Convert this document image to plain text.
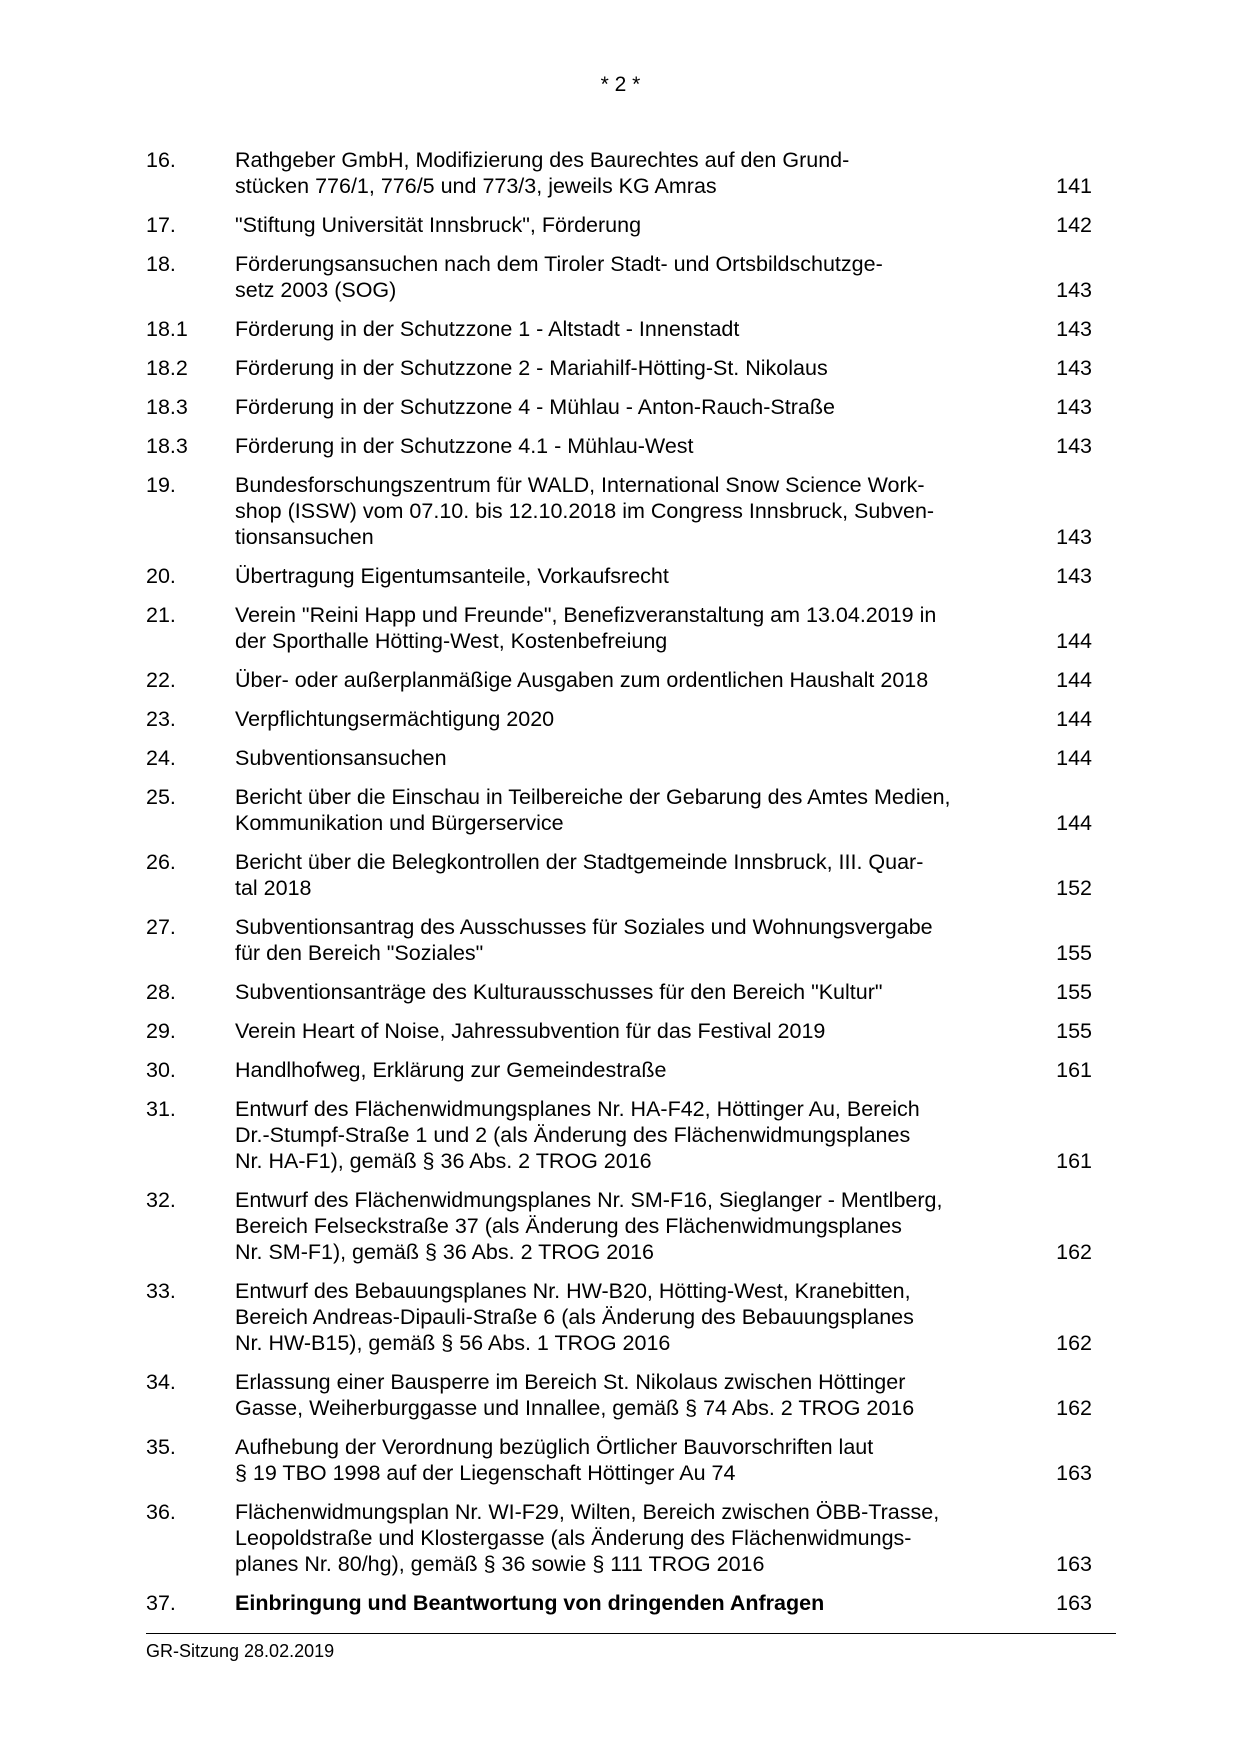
* 2 *
16.	Rathgeber GmbH, Modifizierung des Baurechtes auf den Grund-
stücken 776/1, 776/5 und 773/3, jeweils KG Amras	141
17.	"Stiftung Universität Innsbruck", Förderung	142
18.	Förderungsansuchen nach dem Tiroler Stadt- und Ortsbildschutzge-
setz 2003 (SOG)	143
18.1	Förderung in der Schutzzone 1 - Altstadt - Innenstadt	143
18.2	Förderung in der Schutzzone 2 - Mariahilf-Hötting-St. Nikolaus	143
18.3	Förderung in der Schutzzone 4 - Mühlau - Anton-Rauch-Straße	143
18.3	Förderung in der Schutzzone 4.1 - Mühlau-West	143
19.	Bundesforschungszentrum für WALD, International Snow Science Work-
shop (ISSW) vom 07.10. bis 12.10.2018 im Congress Innsbruck, Subven-
tionsansuchen	143
20.	Übertragung Eigentumsanteile, Vorkaufsrecht	143
21.	Verein "Reini Happ und Freunde", Benefizveranstaltung am 13.04.2019 in
der Sporthalle Hötting-West, Kostenbefreiung	144
22.	Über- oder außerplanmäßige Ausgaben zum ordentlichen Haushalt 2018	144
23.	Verpflichtungsermächtigung 2020	144
24.	Subventionsansuchen	144
25.	Bericht über die Einschau in Teilbereiche der Gebarung des Amtes Medien,
Kommunikation und Bürgerservice	144
26.	Bericht über die Belegkontrollen der Stadtgemeinde Innsbruck, III. Quar-
tal 2018	152
27.	Subventionsantrag des Ausschusses für Soziales und Wohnungsvergabe
für den Bereich "Soziales"	155
28.	Subventionsanträge des Kulturausschusses für den Bereich "Kultur"	155
29.	Verein Heart of Noise, Jahressubvention für das Festival 2019	155
30.	Handlhofweg, Erklärung zur Gemeindestraße	161
31.	Entwurf des Flächenwidmungsplanes Nr. HA-F42, Höttinger Au, Bereich
Dr.-Stumpf-Straße 1 und 2 (als Änderung des Flächenwidmungsplanes
Nr. HA-F1), gemäß § 36 Abs. 2 TROG 2016	161
32.	Entwurf des Flächenwidmungsplanes Nr. SM-F16, Sieglanger - Mentlberg,
Bereich Felseckstraße 37 (als Änderung des Flächenwidmungsplanes
Nr. SM-F1), gemäß § 36 Abs. 2 TROG 2016	162
33.	Entwurf des Bebauungsplanes Nr. HW-B20, Hötting-West, Kranebitten,
Bereich Andreas-Dipauli-Straße 6 (als Änderung des Bebauungsplanes
Nr. HW-B15), gemäß § 56 Abs. 1 TROG 2016	162
34.	Erlassung einer Bausperre im Bereich St. Nikolaus zwischen Höttinger
Gasse, Weiherburggasse und Innallee, gemäß § 74 Abs. 2 TROG 2016	162
35.	Aufhebung der Verordnung bezüglich Örtlicher Bauvorschriften laut
§ 19 TBO 1998 auf der Liegenschaft Höttinger Au 74	163
36.	Flächenwidmungsplan Nr. WI-F29, Wilten, Bereich zwischen ÖBB-Trasse,
Leopoldstraße und Klostergasse (als Änderung des Flächenwidmungs-
planes Nr. 80/hg), gemäß § 36 sowie § 111 TROG 2016	163
37.	Einbringung und Beantwortung von dringenden Anfragen	163
GR-Sitzung 28.02.2019
